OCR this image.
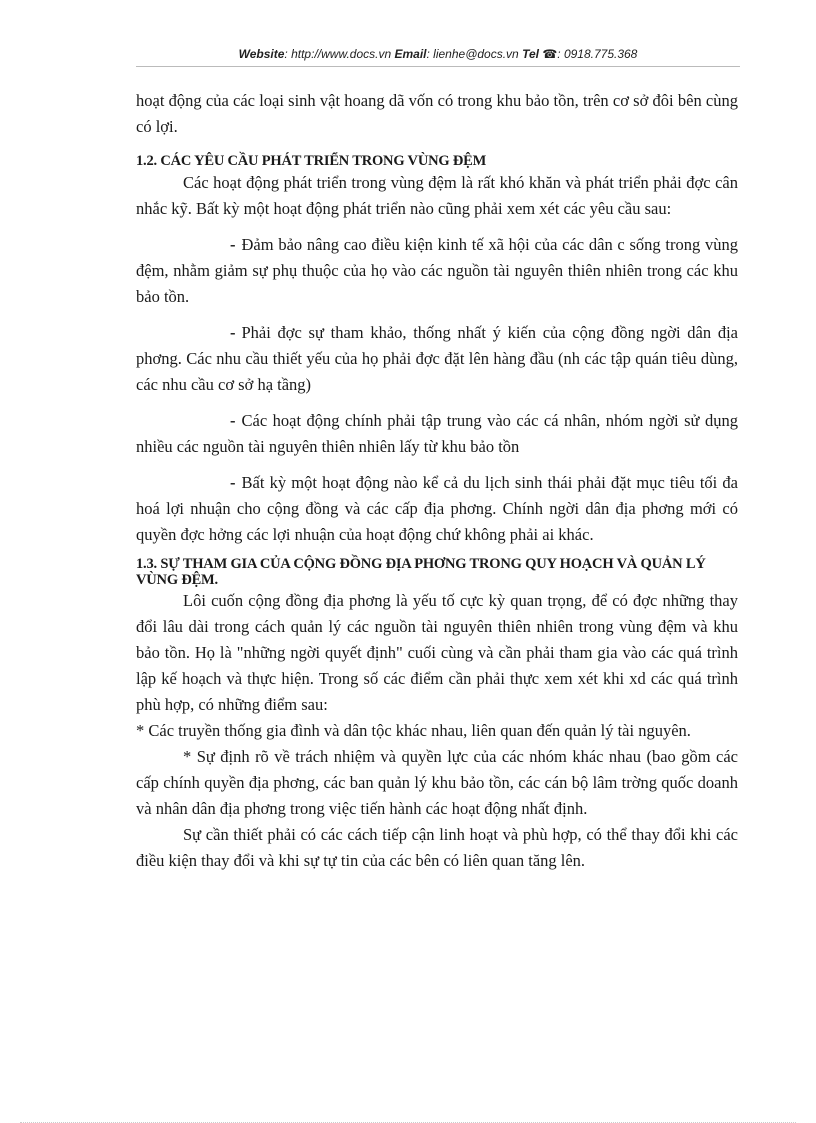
Website: http://www.docs.vn Email: lienhe@docs.vn Tel ☎: 0918.775.368

hoạt động của các loại sinh vật hoang dã vốn có trong khu bảo tồn, trên cơ sở đôi bên cùng có lợi.

1.2. CÁC YÊU CẦU PHÁT TRIỂN TRONG VÙNG ĐỆM

Các hoạt động phát triển trong vùng đệm là rất khó khăn và phát triển phải đợc cân nhắc kỹ. Bất kỳ một hoạt động phát triển nào cũng phải xem xét các yêu cầu sau:

- Đảm bảo nâng cao điều kiện kinh tế xã hội của các dân c sống trong vùng đệm, nhằm giảm sự phụ thuộc của họ vào các nguồn tài nguyên thiên nhiên trong các khu bảo tồn.

- Phải đợc sự tham khảo, thống nhất ý kiến của cộng đồng ngời dân địa phơng. Các nhu cầu thiết yếu của họ phải đợc đặt lên hàng đầu (nh các tập quán tiêu dùng, các nhu cầu cơ sở hạ tầng)

- Các hoạt động chính phải tập trung vào các cá nhân, nhóm ngời sử dụng nhiều các nguồn tài nguyên thiên nhiên lấy từ khu bảo tồn

- Bất kỳ một hoạt động nào kể cả du lịch sinh thái phải đặt mục tiêu tối đa hoá lợi nhuận cho cộng đồng và các cấp địa phơng. Chính ngời dân địa phơng mới có quyền đợc hởng các lợi nhuận của hoạt động chứ không phải ai khác.

1.3. SỰ THAM GIA CỦA CỘNG ĐỒNG ĐỊA PHƠNG TRONG QUY HOẠCH VÀ QUẢN LÝ VÙNG ĐỆM.

Lôi cuốn cộng đồng địa phơng là yếu tố cực kỳ quan trọng, để có đợc những thay đổi lâu dài trong cách quản lý các nguồn tài nguyên thiên nhiên trong vùng đệm và khu bảo tồn. Họ là "những ngời quyết định" cuối cùng và cần phải tham gia vào các quá trình lập kế hoạch và thực hiện. Trong số các điểm cần phải thực xem xét khi xd các quá trình phù hợp, có những điểm sau:

* Các truyền thống gia đình và dân tộc khác nhau, liên quan đến quản lý tài nguyên.

* Sự định rõ về trách nhiệm và quyền lực của các nhóm khác nhau (bao gồm các cấp chính quyền địa phơng, các ban quản lý khu bảo tồn, các cán bộ lâm trờng quốc doanh và nhân dân địa phơng trong việc tiến hành các hoạt động nhất định.

Sự cần thiết phải có các cách tiếp cận linh hoạt và phù hợp, có thể thay đổi khi các điều kiện thay đổi và khi sự tự tin của các bên có liên quan tăng lên.
